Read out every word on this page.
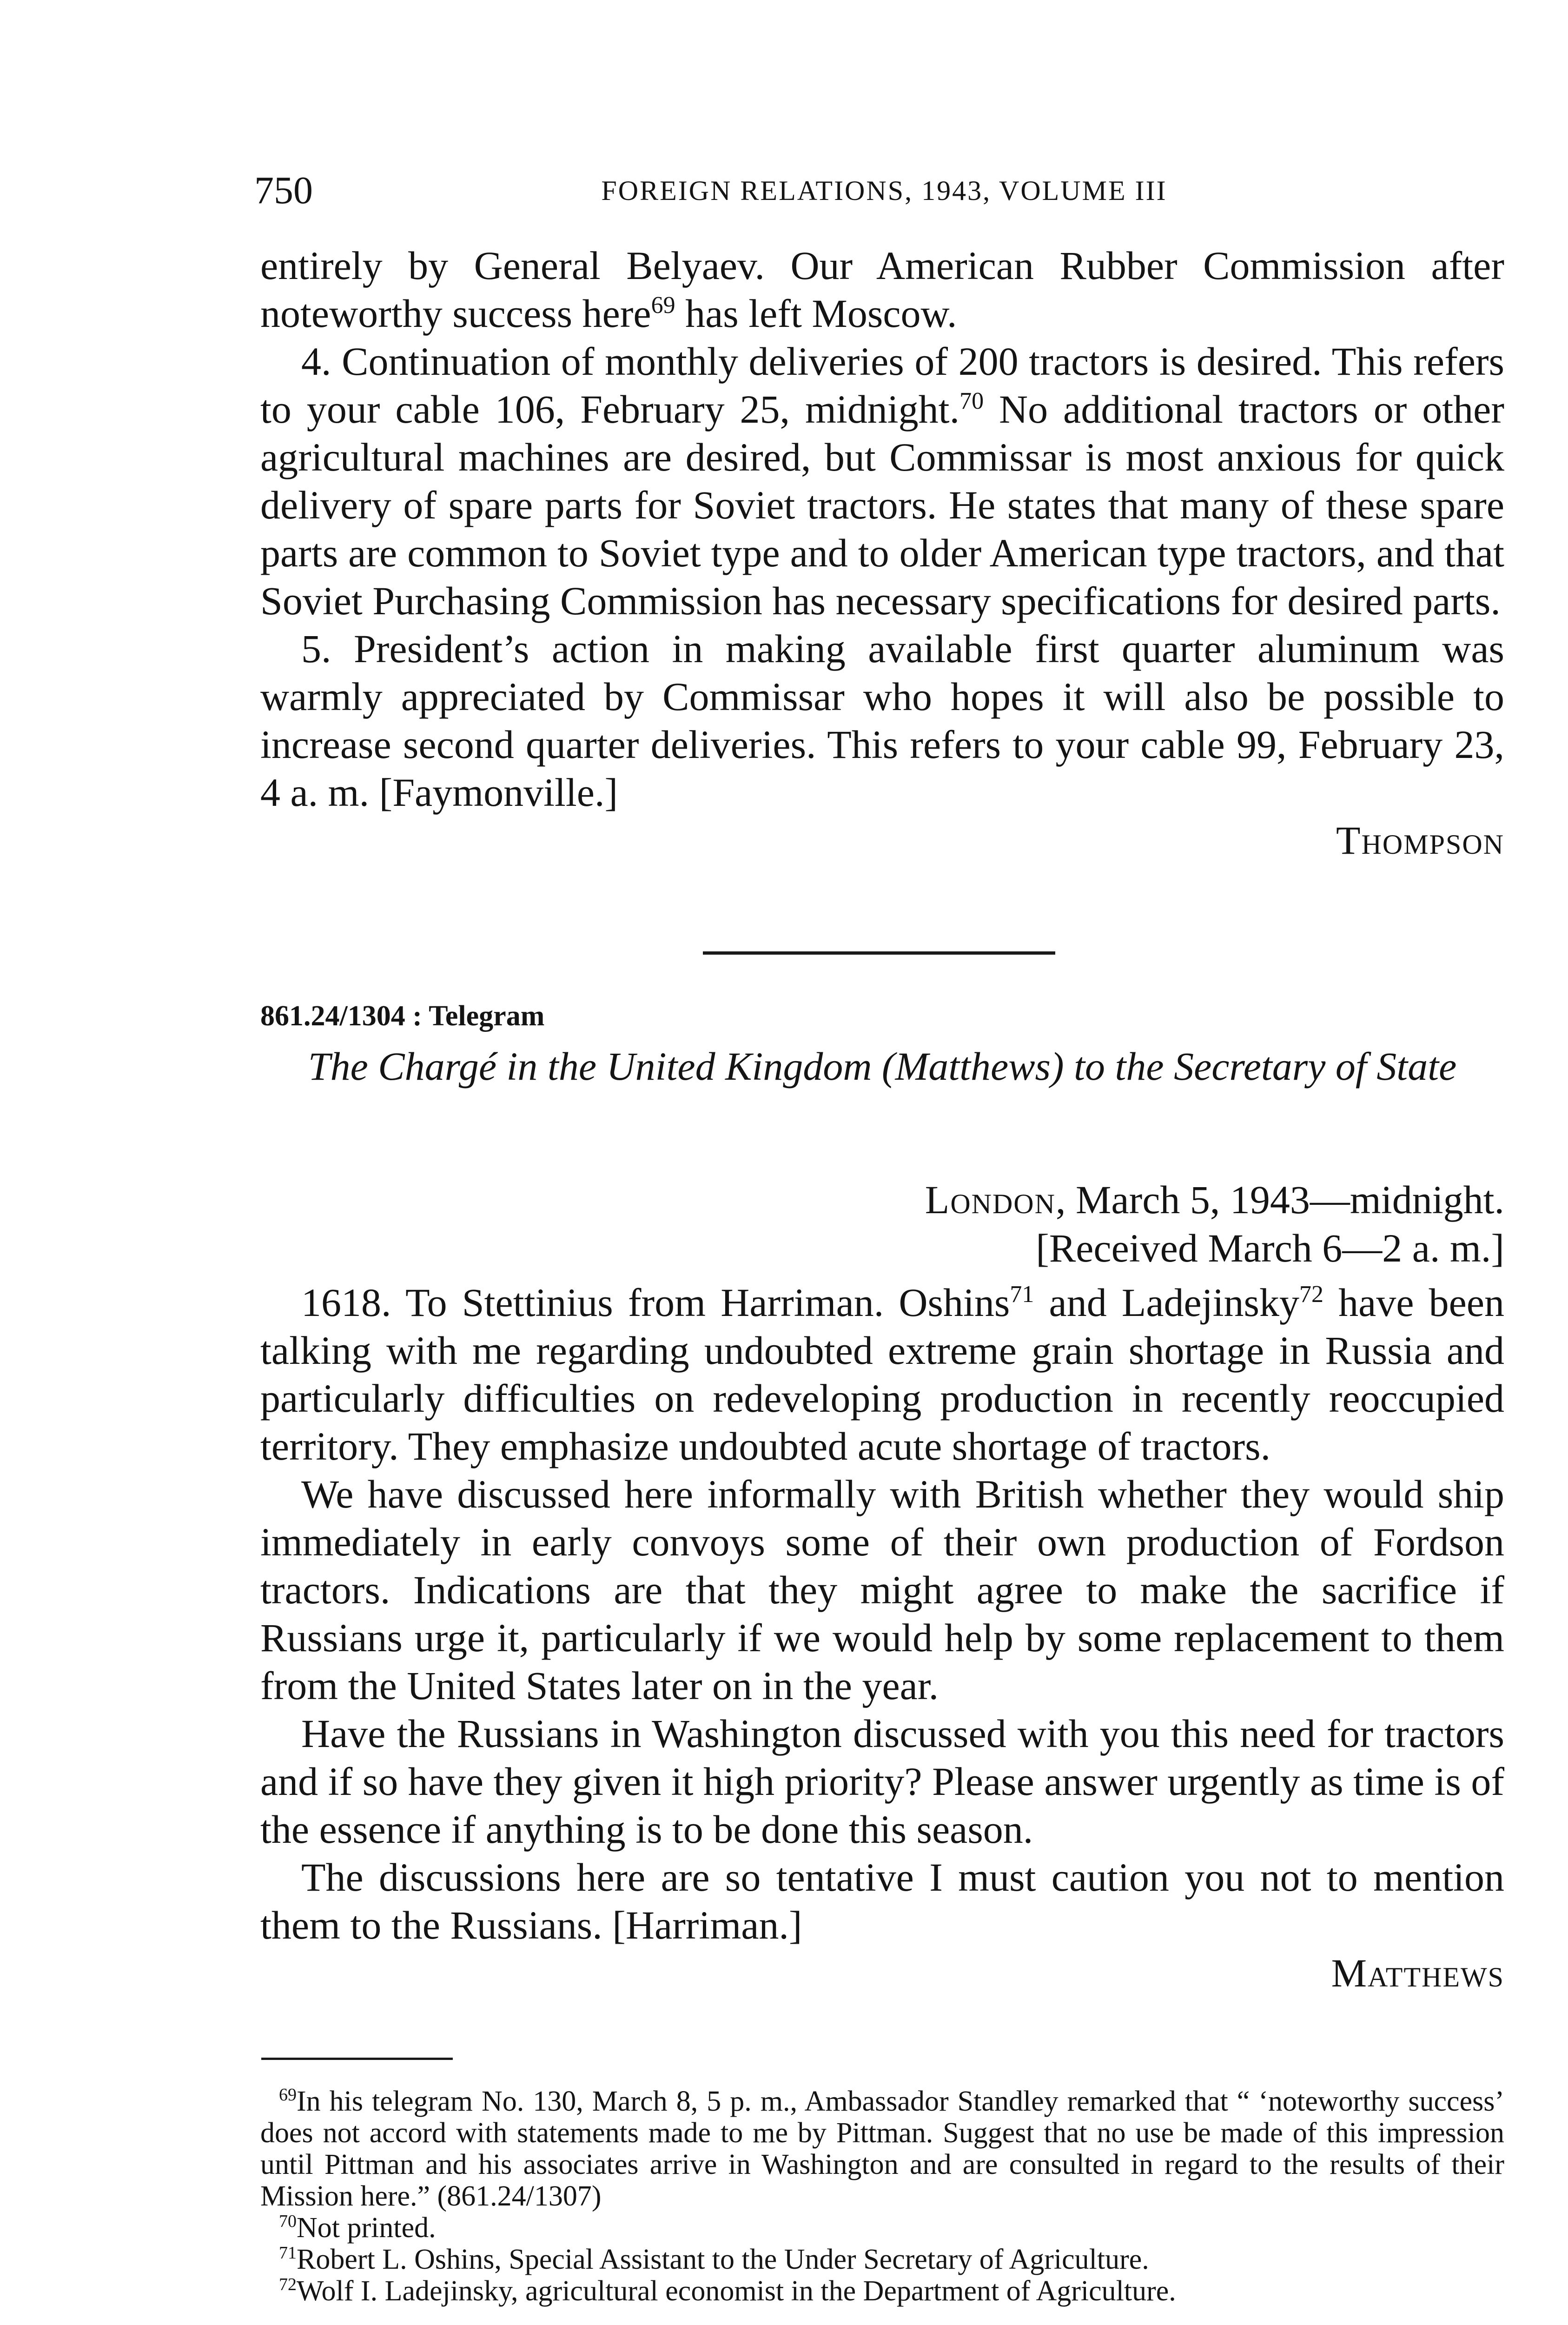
750	FOREIGN RELATIONS, 1943, VOLUME III

entirely by General Belyaev. Our American Rubber Commission after noteworthy success here$^{69}$ has left Moscow.

4. Continuation of monthly deliveries of 200 tractors is desired. This refers to your cable 106, February 25, midnight.$^{70}$ No additional tractors or other agricultural machines are desired, but Commissar is most anxious for quick delivery of spare parts for Soviet tractors. He states that many of these spare parts are common to Soviet type and to older American type tractors, and that Soviet Purchasing Commission has necessary specifications for desired parts.

5. President’s action in making available first quarter aluminum was warmly appreciated by Commissar who hopes it will also be possible to increase second quarter deliveries. This refers to your cable 99, February 23, 4 a. m. [Faymonville.]

Thompson

861.24/1304 : Telegram
The Chargé in the United Kingdom (Matthews) to the Secretary of State

London, March 5, 1943—midnight.

[Received March 6—2 a. m.]

1618. To Stettinius from Harriman. Oshins$^{71}$ and Ladejinsky$^{72}$ have been talking with me regarding undoubted extreme grain shortage in Russia and particularly difficulties on redeveloping production in recently reoccupied territory. They emphasize undoubted acute shortage of tractors.

We have discussed here informally with British whether they would ship immediately in early convoys some of their own production of Fordson tractors. Indications are that they might agree to make the sacrifice if Russians urge it, particularly if we would help by some replacement to them from the United States later on in the year.

Have the Russians in Washington discussed with you this need for tractors and if so have they given it high priority? Please answer urgently as time is of the essence if anything is to be done this season.

The discussions here are so tentative I must caution you not to mention them to the Russians. [Harriman.]

Matthews

$^{69}$In his telegram No. 130, March 8, 5 p. m., Ambassador Standley remarked that “ ‘noteworthy success’ does not accord with statements made to me by Pittman. Suggest that no use be made of this impression until Pittman and his associates arrive in Washington and are consulted in regard to the results of their Mission here.” (861.24/1307)

$^{70}$Not printed.

$^{71}$Robert L. Oshins, Special Assistant to the Under Secretary of Agriculture.

$^{72}$Wolf I. Ladejinsky, agricultural economist in the Department of Agriculture.
